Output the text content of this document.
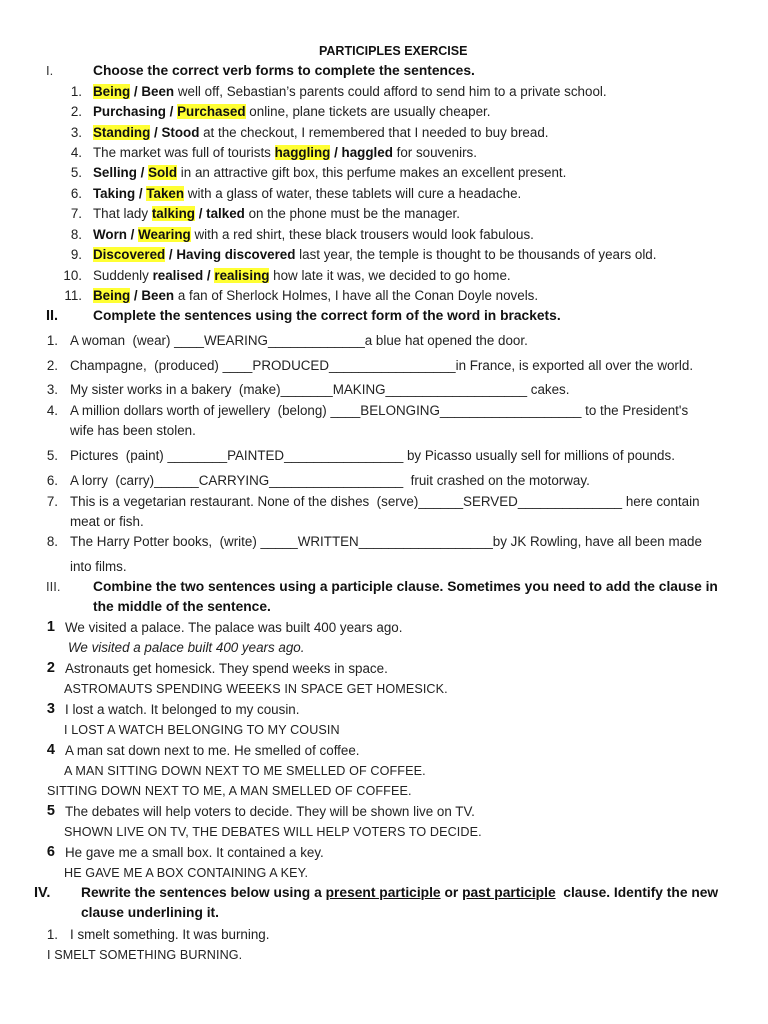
PARTICIPLES EXERCISE
I.	Choose the correct verb forms to complete the sentences.
1. Being / Been well off, Sebastian’s parents could afford to send him to a private school.
2. Purchasing / Purchased online, plane tickets are usually cheaper.
3. Standing / Stood at the checkout, I remembered that I needed to buy bread.
4. The market was full of tourists haggling / haggled for souvenirs.
5. Selling / Sold in an attractive gift box, this perfume makes an excellent present.
6. Taking / Taken with a glass of water, these tablets will cure a headache.
7. That lady talking / talked on the phone must be the manager.
8. Worn / Wearing with a red shirt, these black trousers would look fabulous.
9. Discovered / Having discovered last year, the temple is thought to be thousands of years old.
10. Suddenly realised / realising how late it was, we decided to go home.
11. Being / Been a fan of Sherlock Holmes, I have all the Conan Doyle novels.
II.	Complete the sentences using the correct form of the word in brackets.
1. A woman  (wear) ____WEARING_____________a blue hat opened the door.
2. Champagne,  (produced) ____PRODUCED_________________in France, is exported all over the world.
3. My sister works in a bakery  (make)_______MAKING___________________ cakes.
4. A million dollars worth of jewellery  (belong) ____BELONGING___________________ to the President's
wife has been stolen.
5. Pictures  (paint) ________PAINTED________________ by Picasso usually sell for millions of pounds.
6. A lorry  (carry)______CARRYING__________________  fruit crashed on the motorway.
7. This is a vegetarian restaurant. None of the dishes  (serve)______SERVED______________ here contain
meat or fish.
8. The Harry Potter books,  (write) _____WRITTEN__________________by JK Rowling, have all been made
into films.
III. Combine the two sentences using a participle clause. Sometimes you need to add the clause in
the middle of the sentence.
1 We visited a palace. The palace was built 400 years ago.
We visited a palace built 400 years ago.
2 Astronauts get homesick. They spend weeks in space.
ASTROMAUTS SPENDING WEEEKS IN SPACE GET HOMESICK.
3 I lost a watch. It belonged to my cousin.
I LOST A WATCH BELONGING TO MY COUSIN
4 A man sat down next to me. He smelled of coffee.
A MAN SITTING DOWN NEXT TO ME SMELLED OF COFFEE.
SITTING DOWN NEXT TO ME, A MAN SMELLED OF COFFEE.
5 The debates will help voters to decide. They will be shown live on TV.
SHOWN LIVE ON TV, THE DEBATES WILL HELP VOTERS TO DECIDE.
6 He gave me a small box. It contained a key.
HE GAVE ME A BOX CONTAINING A KEY.
IV. Rewrite the sentences below using a present participle or past participle  clause. Identify the new
clause underlining it.
1. I smelt something. It was burning.
I SMELT SOMETHING BURNING.
